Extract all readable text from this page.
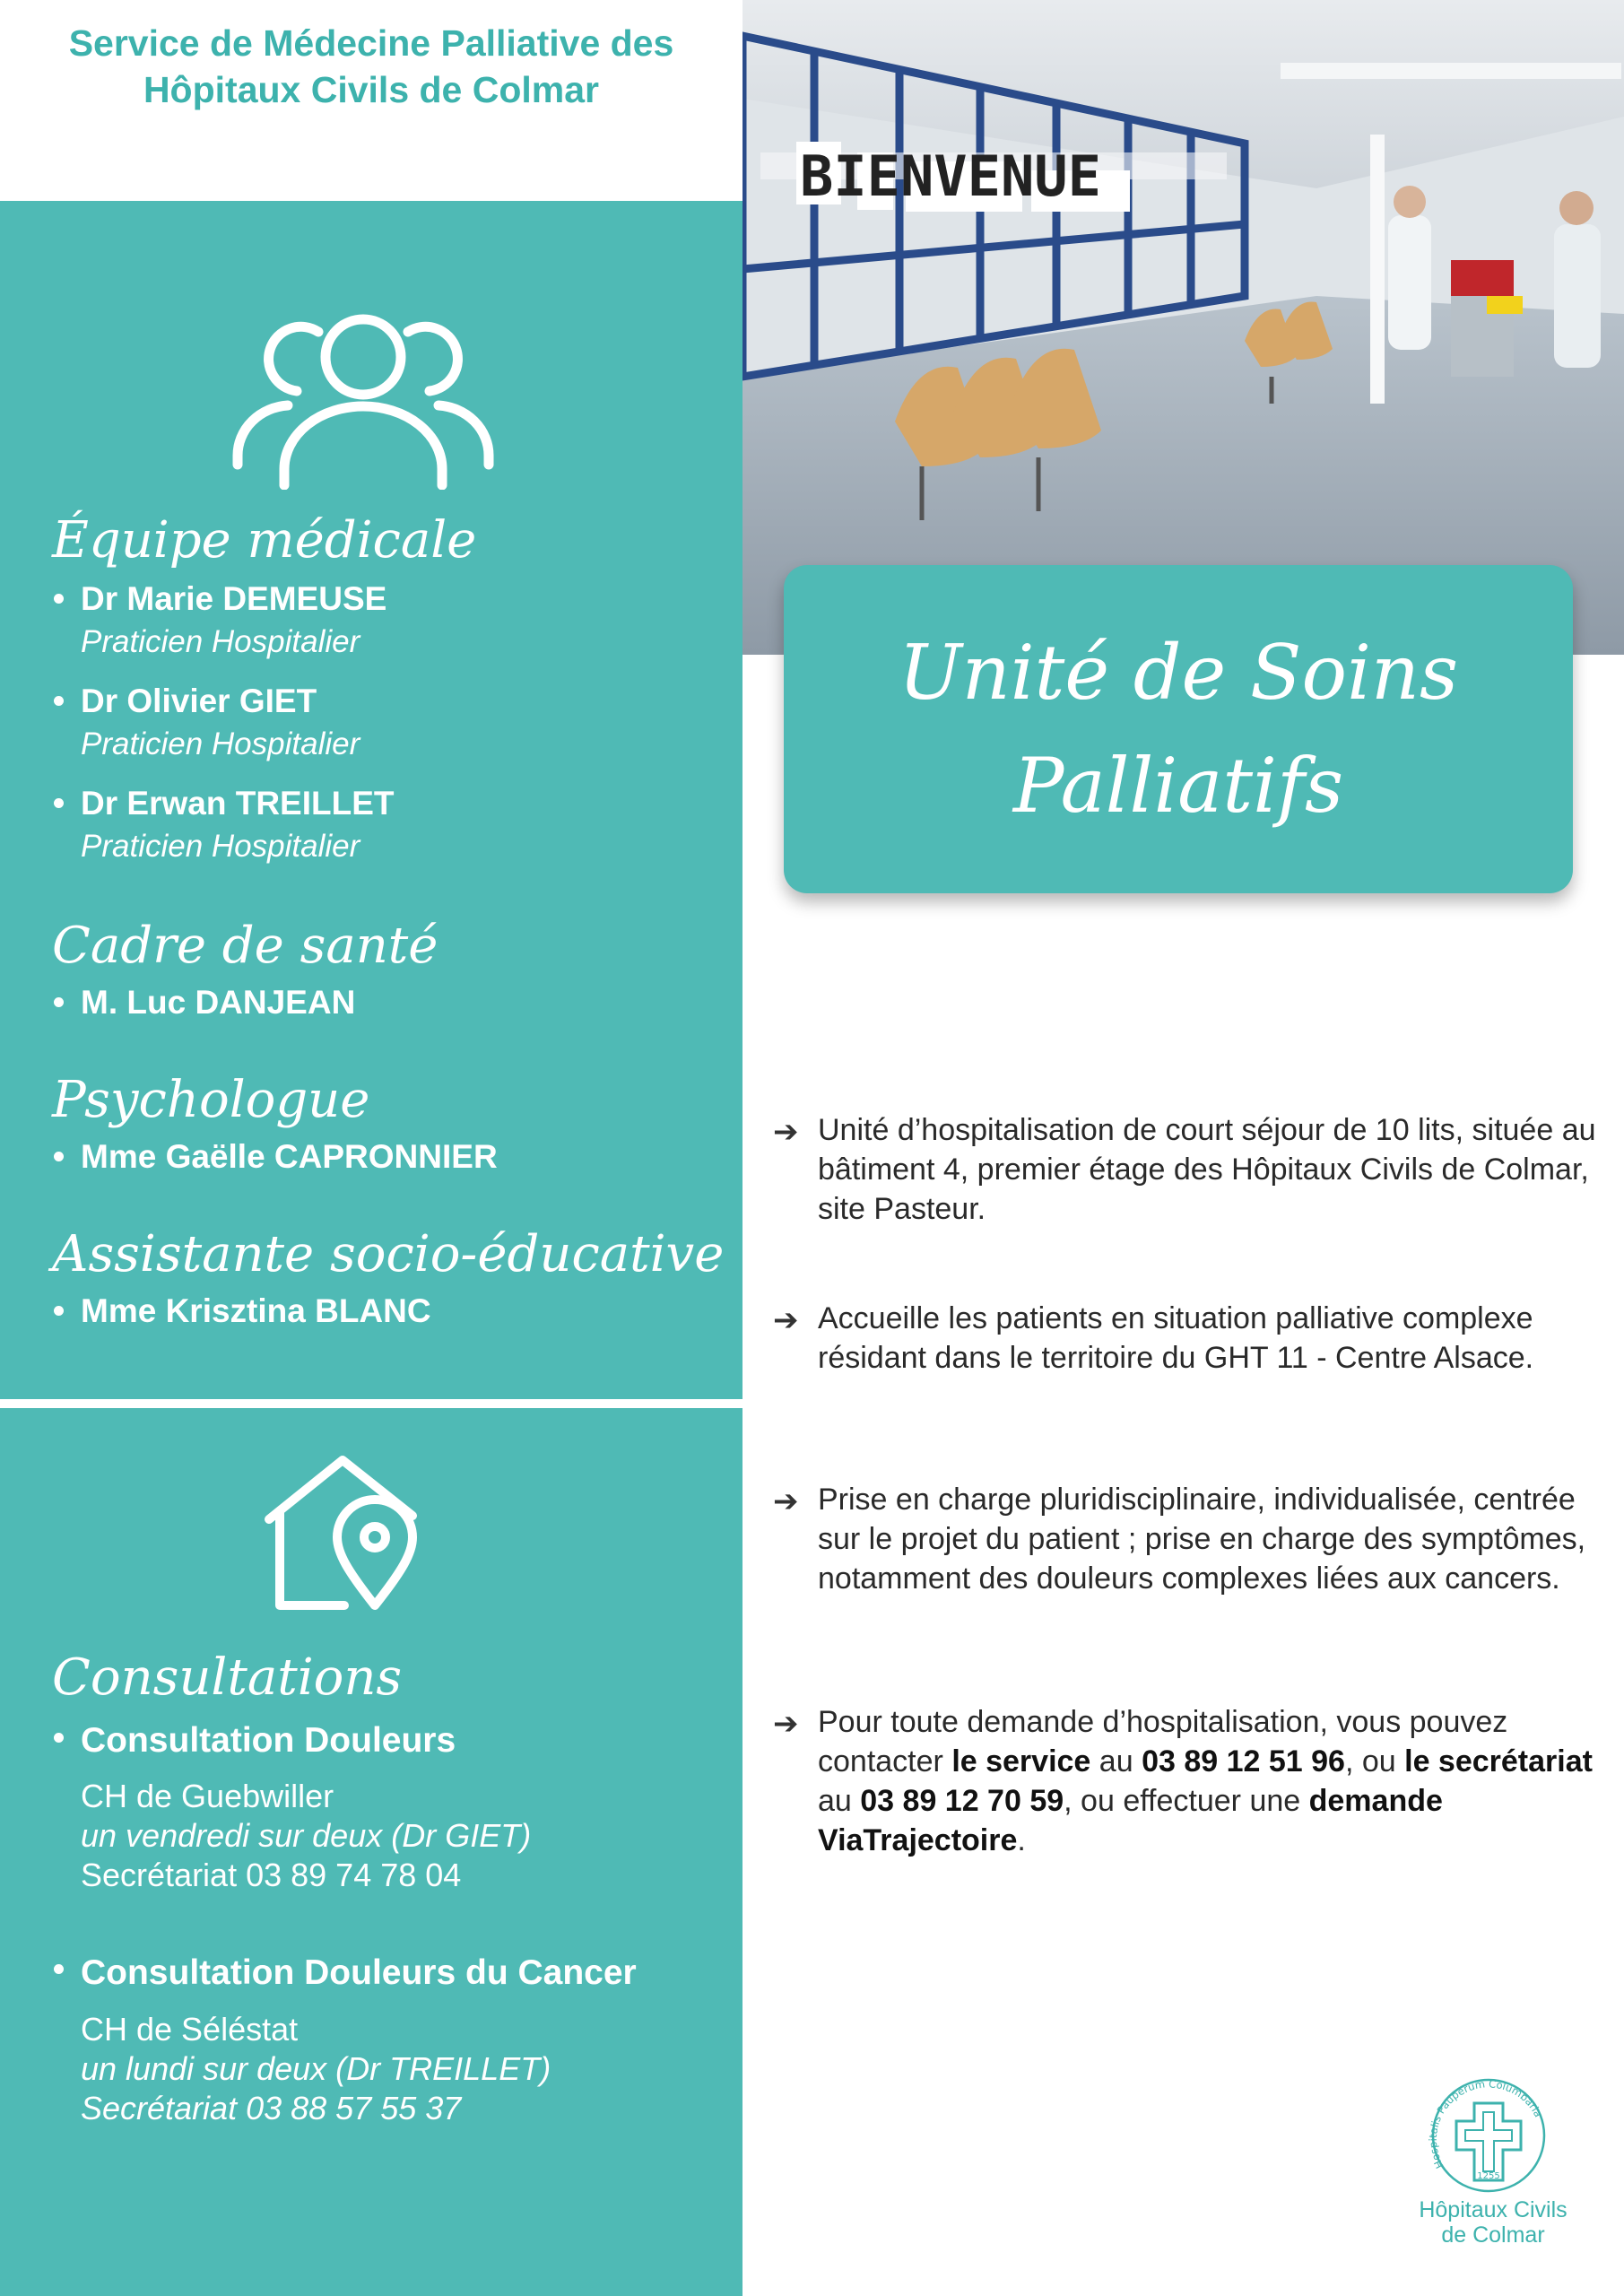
Service de Médecine Palliative des
Hôpitaux Civils de Colmar
BIENVENUE
Unité de Soins
Palliatifs
Équipe médicale

Dr Marie DEMEUSE
Praticien Hospitalier

Dr Olivier GIET
Praticien Hospitalier

Dr Erwan TREILLET
Praticien Hospitalier

Cadre de santé

M. Luc DANJEAN

Psychologue

Mme Gaëlle CAPRONNIER

Assistante socio-éducative

Mme Krisztina BLANC

Consultations

Consultation Douleurs

CH de Guebwiller
un vendredi sur deux (Dr GIET)
Secrétariat 03 89 74 78 04

Consultation Douleurs du Cancer

CH de Séléstat
un lundi sur deux (Dr TREILLET)
Secrétariat 03 88 57 55 37
➔ Unité d’hospitalisation de court séjour de 10 lits, située au bâtiment 4, premier étage des Hôpitaux Civils de Colmar, site Pasteur.
➔ Accueille les patients en situation palliative complexe résidant dans le territoire du GHT 11 - Centre Alsace.
➔ Prise en charge pluridisciplinaire, individualisée, centrée sur le projet du patient ; prise en charge des symptômes, notamment des douleurs complexes liées aux cancers.
➔ Pour toute demande d’hospitalisation, vous pouvez contacter le service au 03 89 12 51 96, ou le secrétariat au 03 89 12 70 59, ou effectuer une demande ViaTrajectoire.
Hospitalis Pauperum Columbaria
1255
Hôpitaux Civils
de Colmar
